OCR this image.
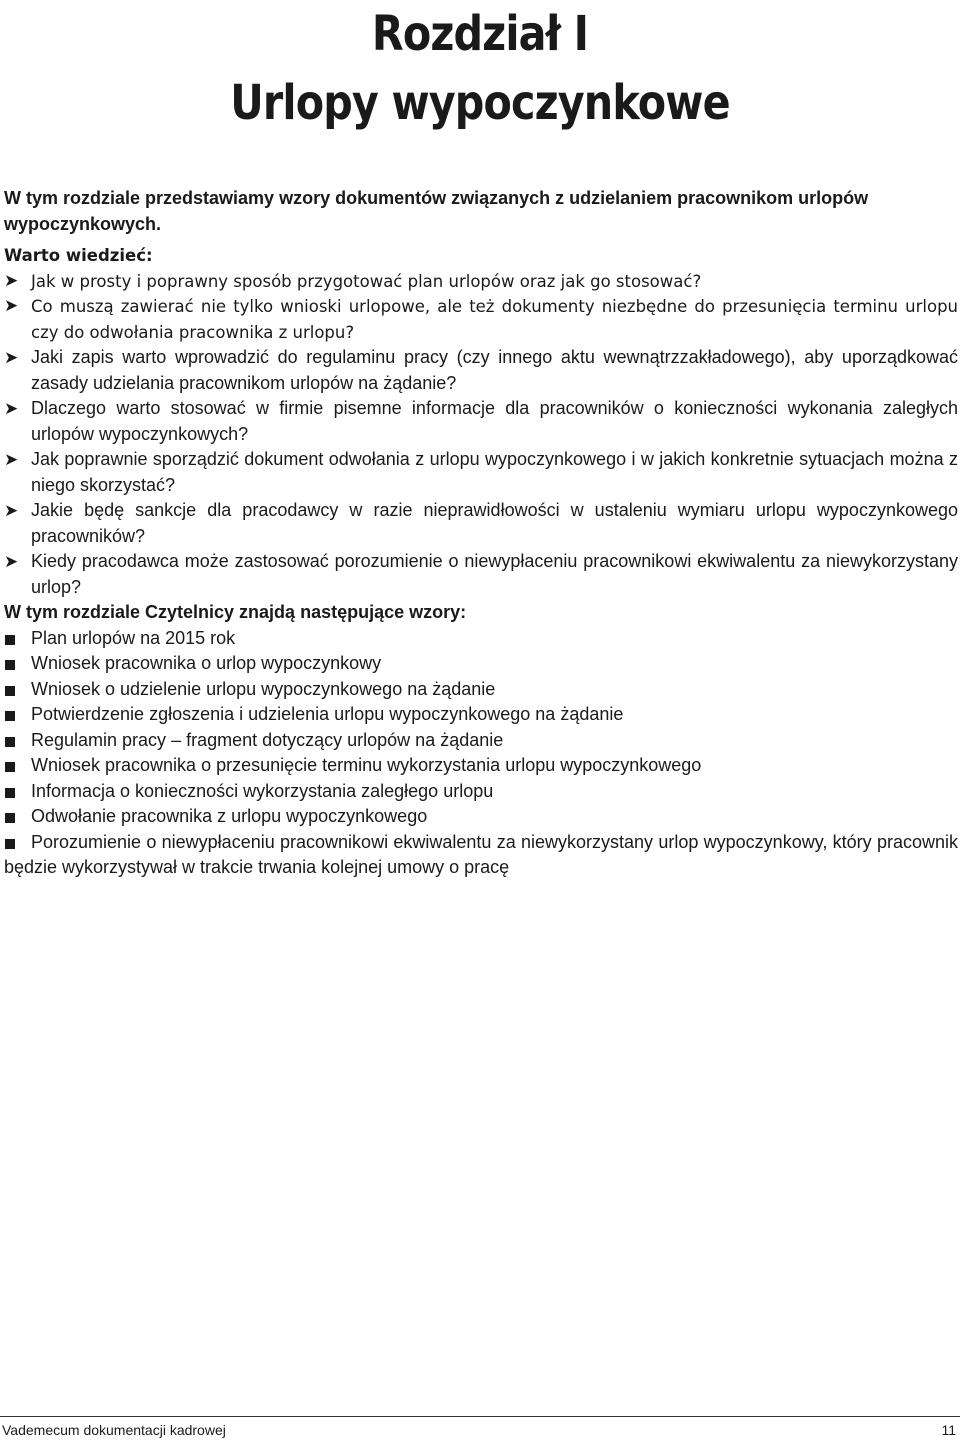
Rozdział I
Urlopy wypoczynkowe

W tym rozdziale przedstawiamy wzory dokumentów związanych z udzielaniem pracownikom urlopów wypoczynkowych.

Warto wiedzieć:

➤ Jak w prosty i poprawny sposób przygotować plan urlopów oraz jak go stosować?
➤ Co muszą zawierać nie tylko wnioski urlopowe, ale też dokumenty niezbędne do przesunięcia terminu urlopu czy do odwołania pracownika z urlopu?
➤ Jaki zapis warto wprowadzić do regulaminu pracy (czy innego aktu wewnątrzzakładowego), aby uporządkować zasady udzielania pracownikom urlopów na żądanie?
➤ Dlaczego warto stosować w firmie pisemne informacje dla pracowników o konieczności wykonania zaległych urlopów wypoczynkowych?
➤ Jak poprawnie sporządzić dokument odwołania z urlopu wypoczynkowego i w jakich konkretnie sytuacjach można z niego skorzystać?
➤ Jakie będę sankcje dla pracodawcy w razie nieprawidłowości w ustaleniu wymiaru urlopu wypoczynkowego pracowników?
➤ Kiedy pracodawca może zastosować porozumienie o niewypłaceniu pracownikowi ekwiwalentu za niewykorzystany urlop?

W tym rozdziale Czytelnicy znajdą następujące wzory:

Plan urlopów na 2015 rok
Wniosek pracownika o urlop wypoczynkowy
Wniosek o udzielenie urlopu wypoczynkowego na żądanie
Potwierdzenie zgłoszenia i udzielenia urlopu wypoczynkowego na żądanie
Regulamin pracy – fragment dotyczący urlopów na żądanie
Wniosek pracownika o przesunięcie terminu wykorzystania urlopu wypoczynkowego
Informacja o konieczności wykorzystania zaległego urlopu
Odwołanie pracownika z urlopu wypoczynkowego
Porozumienie o niewypłaceniu pracownikowi ekwiwalentu za niewykorzystany urlop wypoczynkowy, który pracownik będzie wykorzystywał w trakcie trwania kolejnej umowy o pracę
Vademecum dokumentacji kadrowej	11
